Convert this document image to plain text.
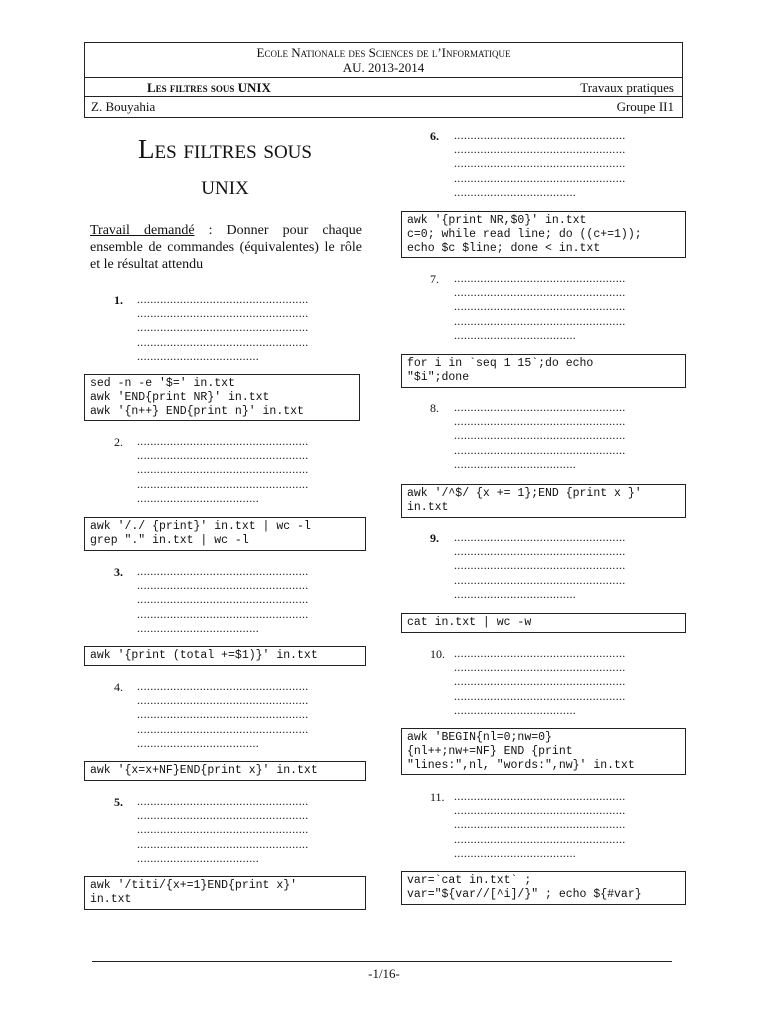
Ecole Nationale des Sciences de l’Informatique
AU. 2013-2014
Les filtres sous UNIX	Travaux pratiques
Z. Bouyahia	Groupe II1
Les filtres sous
unix
Travail demandé : Donner pour chaque ensemble de commandes (équivalentes) le rôle et le résultat attendu
1. ....................................................
....................................................
....................................................
....................................................
.....................................
sed -n -e '$=' in.txt
awk 'END{print NR}' in.txt
awk '{n++} END{print n}' in.txt
2. ....................................................
....................................................
....................................................
....................................................
.....................................
awk '/./ {print}' in.txt | wc -l
grep "." in.txt | wc -l
3. ....................................................
....................................................
....................................................
....................................................
.....................................
awk '{print (total +=$1)}' in.txt
4. ....................................................
....................................................
....................................................
....................................................
.....................................
awk '{x=x+NF}END{print x}' in.txt
5. ....................................................
....................................................
....................................................
....................................................
.....................................
awk '/titi/{x+=1}END{print x}'
in.txt
6. ....................................................
....................................................
....................................................
....................................................
.....................................
awk '{print NR,$0}' in.txt
c=0; while read line; do ((c+=1));
echo $c $line; done < in.txt
7. ....................................................
....................................................
....................................................
....................................................
.....................................
for i in `seq 1 15`;do echo
"$i";done
8. ....................................................
....................................................
....................................................
....................................................
.....................................
awk '/^$/ {x += 1};END {print x }'
in.txt
9. ....................................................
....................................................
....................................................
....................................................
.....................................
cat in.txt | wc -w
10. ....................................................
....................................................
....................................................
....................................................
.....................................
awk 'BEGIN{nl=0;nw=0}
{nl++;nw+=NF} END {print
"lines:",nl, "words:",nw}' in.txt
11. ....................................................
....................................................
....................................................
....................................................
.....................................
var=`cat in.txt` ;
var="${var//[^i]/}" ; echo ${#var}
-1/16-
